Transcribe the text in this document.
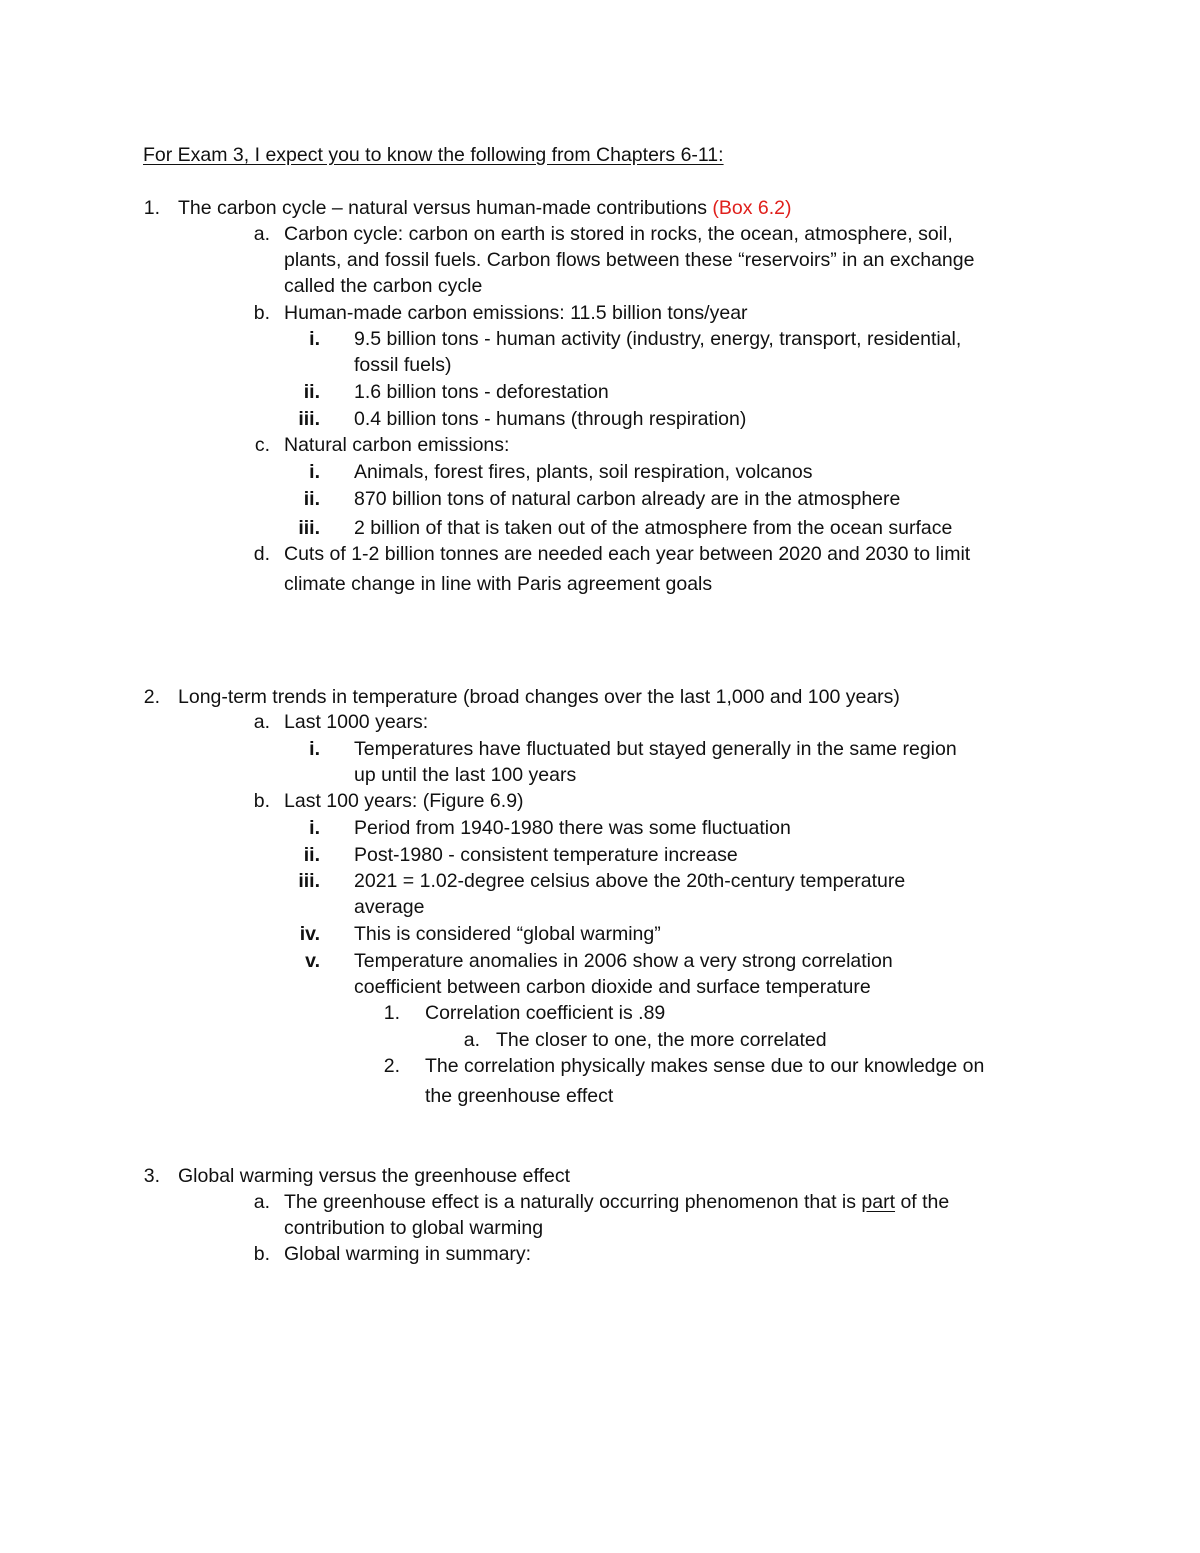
For Exam 3, I expect you to know the following from Chapters 6-11:
1. The carbon cycle – natural versus human-made contributions (Box 6.2)
a. Carbon cycle: carbon on earth is stored in rocks, the ocean, atmosphere, soil,
plants, and fossil fuels. Carbon flows between these “reservoirs” in an exchange
called the carbon cycle
b. Human-made carbon emissions: 11.5 billion tons/year
i. 9.5 billion tons - human activity (industry, energy, transport, residential,
fossil fuels)
ii. 1.6 billion tons - deforestation
iii. 0.4 billion tons - humans (through respiration)
c. Natural carbon emissions:
i. Animals, forest fires, plants, soil respiration, volcanos
ii. 870 billion tons of natural carbon already are in the atmosphere
iii. 2 billion of that is taken out of the atmosphere from the ocean surface
d. Cuts of 1-2 billion tonnes are needed each year between 2020 and 2030 to limit
climate change in line with Paris agreement goals
2. Long-term trends in temperature (broad changes over the last 1,000 and 100 years)
a. Last 1000 years:
i. Temperatures have fluctuated but stayed generally in the same region
up until the last 100 years
b. Last 100 years: (Figure 6.9)
i. Period from 1940-1980 there was some fluctuation
ii. Post-1980 - consistent temperature increase
iii. 2021 = 1.02-degree celsius above the 20th-century temperature
average
iv. This is considered “global warming”
v. Temperature anomalies in 2006 show a very strong correlation
coefficient between carbon dioxide and surface temperature
1. Correlation coefficient is .89
a. The closer to one, the more correlated
2. The correlation physically makes sense due to our knowledge on
the greenhouse effect
3. Global warming versus the greenhouse effect
a. The greenhouse effect is a naturally occurring phenomenon that is part of the
contribution to global warming
b. Global warming in summary:
